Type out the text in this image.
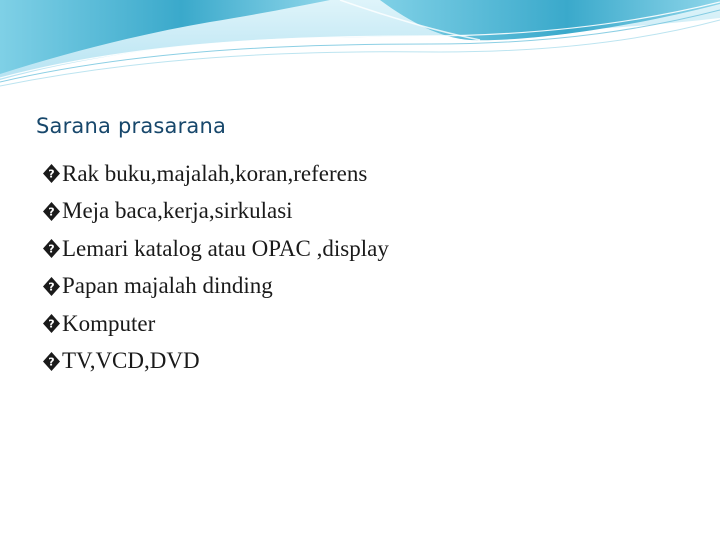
Sarana prasarana
? Rak buku,majalah,koran,referens
? Meja baca,kerja,sirkulasi
? Lemari katalog atau OPAC ,display
? Papan majalah dinding
? Komputer
? TV,VCD,DVD
